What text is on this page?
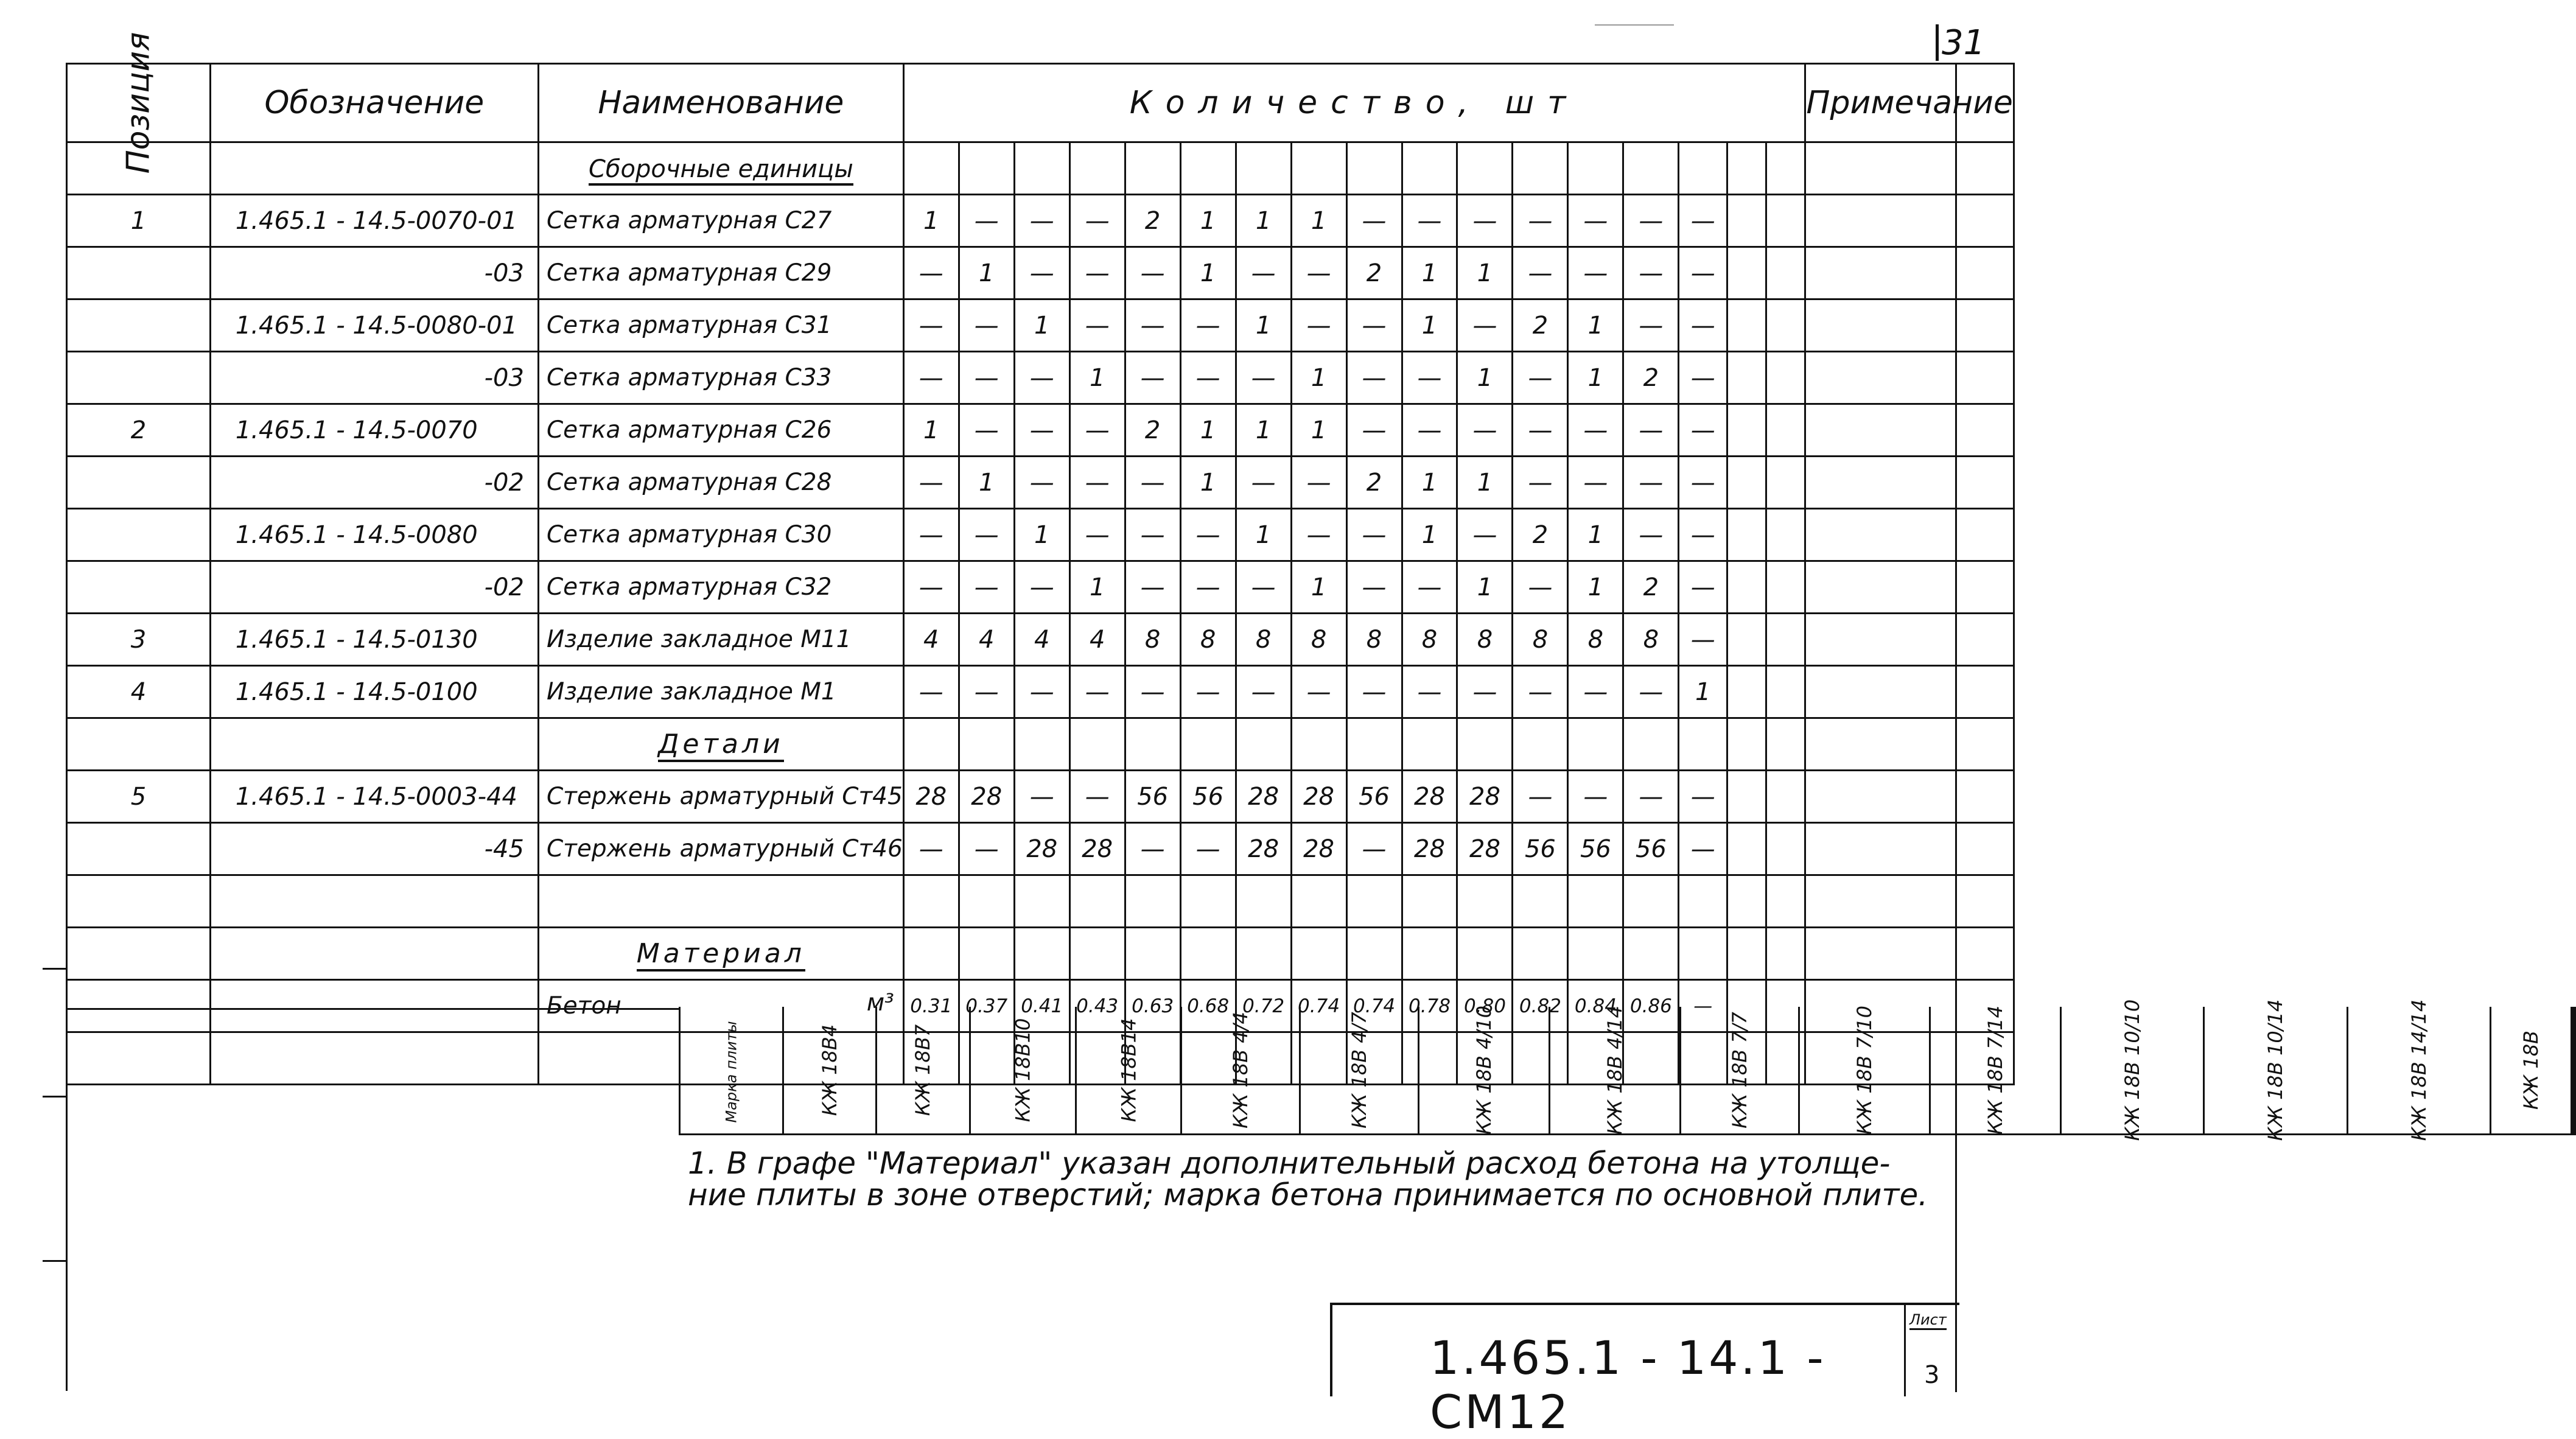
31
Позиция	Обозначение	Наименование	Количество, шт																	Примечание
		Сборочные единицы																		
1	1.465.1 - 14.5-0070-01	Сетка арматурная С27	1	—	—	—	2	1	1	1	—	—	—	—	—	—	—			
	-03	Сетка арматурная С29	—	1	—	—	—	1	—	—	2	1	1	—	—	—	—			
	1.465.1 - 14.5-0080-01	Сетка арматурная С31	—	—	1	—	—	—	1	—	—	1	—	2	1	—	—			
	-03	Сетка арматурная С33	—	—	—	1	—	—	—	1	—	—	1	—	1	2	—			
2	1.465.1 - 14.5-0070	Сетка арматурная С26	1	—	—	—	2	1	1	1	—	—	—	—	—	—	—			
	-02	Сетка арматурная С28	—	1	—	—	—	1	—	—	2	1	1	—	—	—	—			
	1.465.1 - 14.5-0080	Сетка арматурная С30	—	—	1	—	—	—	1	—	—	1	—	2	1	—	—			
	-02	Сетка арматурная С32	—	—	—	1	—	—	—	1	—	—	1	—	1	2	—			
3	1.465.1 - 14.5-0130	Изделие закладное М11	4	4	4	4	8	8	8	8	8	8	8	8	8	8	—			
4	1.465.1 - 14.5-0100	Изделие закладное М1	—	—	—	—	—	—	—	—	—	—	—	—	—	—	1			
		Детали																		
5	1.465.1 - 14.5-0003-44	Стержень арматурный Ст45	28	28	—	—	56	56	28	28	56	28	28	—	—	—	—			
	-45	Стержень арматурный Ст46	—	—	28	28	—	—	28	28	—	28	28	56	56	56	—			

		Материал																		
		Бетон м³	0.31	0.37	0.41	0.43	0.63	0.68	0.72	0.74	0.74	0.78	0.80	0.82	0.84	0.86	—			

Марка плиты	КЖ 18В4	КЖ 18В7	КЖ 18В10	КЖ 18В14	КЖ 18В 4/4	КЖ 18В 4/7	КЖ 18В 4/10	КЖ 18В 4/14	КЖ 18В 7/7	КЖ 18В 7/10	КЖ 18В 7/14	КЖ 18В 10/10	КЖ 18В 10/14	КЖ 18В 14/14	КЖ 18В		
1. В графе "Материал" указан дополнительный расход бетона на утолще-
ние плиты в зоне отверстий; марка бетона принимается по основной плите.
1.465.1 - 14.1 - СМ12
Лист
3
